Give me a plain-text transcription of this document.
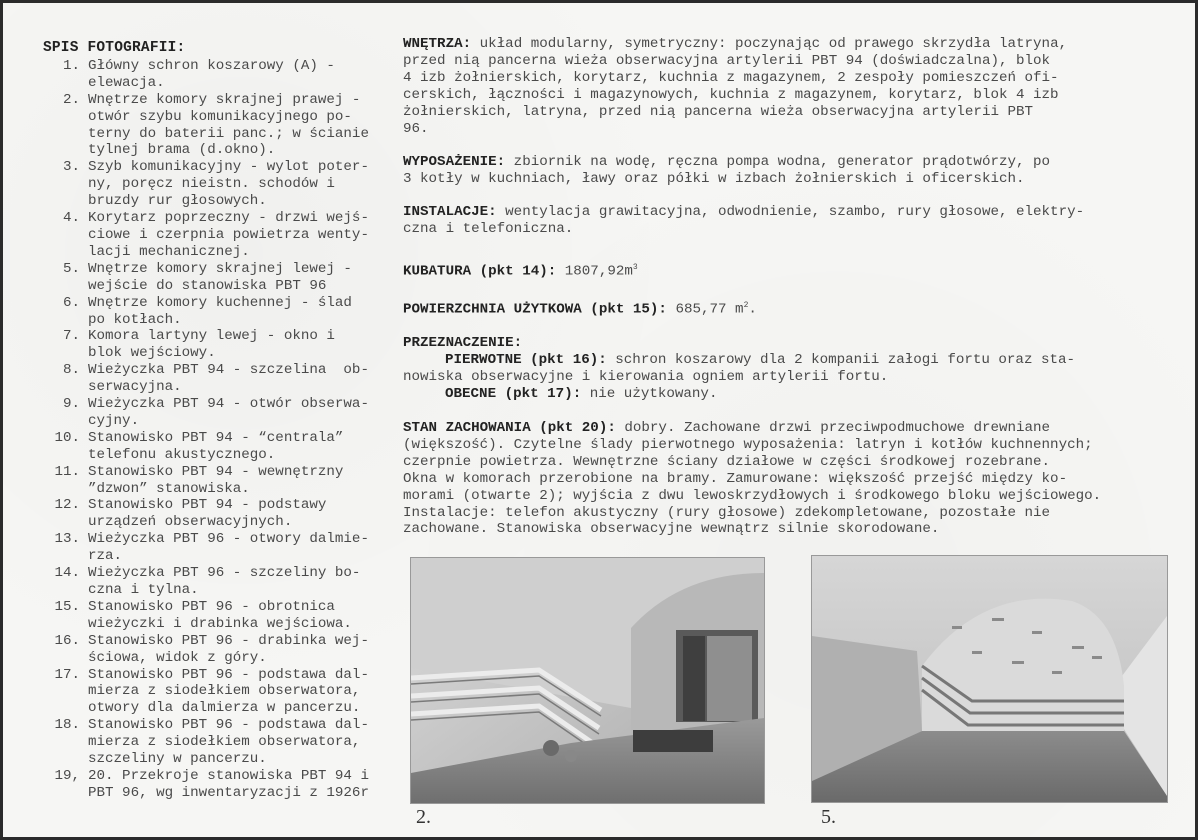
SPIS FOTOGRAFII:
1. Główny schron koszarowy (A) -
elewacja.
2. Wnętrze komory skrajnej prawej -
otwór szybu komunikacyjnego po-
terny do baterii panc.; w ścianie
tylnej brama (d.okno).
3. Szyb komunikacyjny - wylot poter-
ny, poręcz nieistn. schodów i
bruzdy rur głosowych.
4. Korytarz poprzeczny - drzwi wejś-
ciowe i czerpnia powietrza wenty-
lacji mechanicznej.
5. Wnętrze komory skrajnej lewej -
wejście do stanowiska PBT 96
6. Wnętrze komory kuchennej - ślad
po kotłach.
7. Komora lartyny lewej - okno i
blok wejściowy.
8. Wieżyczka PBT 94 - szczelina  ob-
serwacyjna.
9. Wieżyczka PBT 94 - otwór obserwa-
cyjny.
10. Stanowisko PBT 94 - “centrala”
telefonu akustycznego.
11. Stanowisko PBT 94 - wewnętrzny
”dzwon” stanowiska.
12. Stanowisko PBT 94 - podstawy
urządzeń obserwacyjnych.
13. Wieżyczka PBT 96 - otwory dalmie-
rza.
14. Wieżyczka PBT 96 - szczeliny bo-
czna i tylna.
15. Stanowisko PBT 96 - obrotnica
wieżyczki i drabinka wejściowa.
16. Stanowisko PBT 96 - drabinka wej-
ściowa, widok z góry.
17. Stanowisko PBT 96 - podstawa dal-
mierza z siodełkiem obserwatora,
otwory dla dalmierza w pancerzu.
18. Stanowisko PBT 96 - podstawa dal-
mierza z siodełkiem obserwatora,
szczeliny w pancerzu.
19, 20. Przekroje stanowiska PBT 94 i
PBT 96, wg inwentaryzacji z 1926r
WNĘTRZA: układ modularny, symetryczny: poczynając od prawego skrzydła latryna,
przed nią pancerna wieża obserwacyjna artylerii PBT 94 (doświadczalna), blok
4 izb żołnierskich, korytarz, kuchnia z magazynem, 2 zespoły pomieszczeń ofi-
cerskich, łączności i magazynowych, kuchnia z magazynem, korytarz, blok 4 izb
żołnierskich, latryna, przed nią pancerna wieża obserwacyjna artylerii PBT
96.
WYPOSAŻENIE: zbiornik na wodę, ręczna pompa wodna, generator prądotwórzy, po
3 kotły w kuchniach, ławy oraz półki w izbach żołnierskich i oficerskich.
INSTALACJE: wentylacja grawitacyjna, odwodnienie, szambo, rury głosowe, elektry-
czna i telefoniczna.
KUBATURA (pkt 14): $1807,92m^3$
POWIERZCHNIA UŻYTKOWA (pkt 15): 685,77 $m^2$.
PRZEZNACZENIE:
PIERWOTNE (pkt 16): schron koszarowy dla 2 kompanii załogi fortu oraz sta-
nowiska obserwacyjne i kierowania ogniem artylerii fortu.
OBECNE (pkt 17): nie użytkowany.
STAN ZACHOWANIA (pkt 20): dobry. Zachowane drzwi przeciwpodmuchowe drewniane
(większość). Czytelne ślady pierwotnego wyposażenia: latryn i kotłów kuchnennych;
czerpnie powietrza. Wewnętrzne ściany działowe w części środkowej rozebrane.
Okna w komorach przerobione na bramy. Zamurowane: większość przejść między ko-
morami (otwarte 2); wyjścia z dwu lewoskrzydłowych i środkowego bloku wejściowego.
Instalacje: telefon akustyczny (rury głosowe) zdekompletowane, pozostałe nie
zachowane. Stanowiska obserwacyjne wewnątrz silnie skorodowane.
2.	5.
